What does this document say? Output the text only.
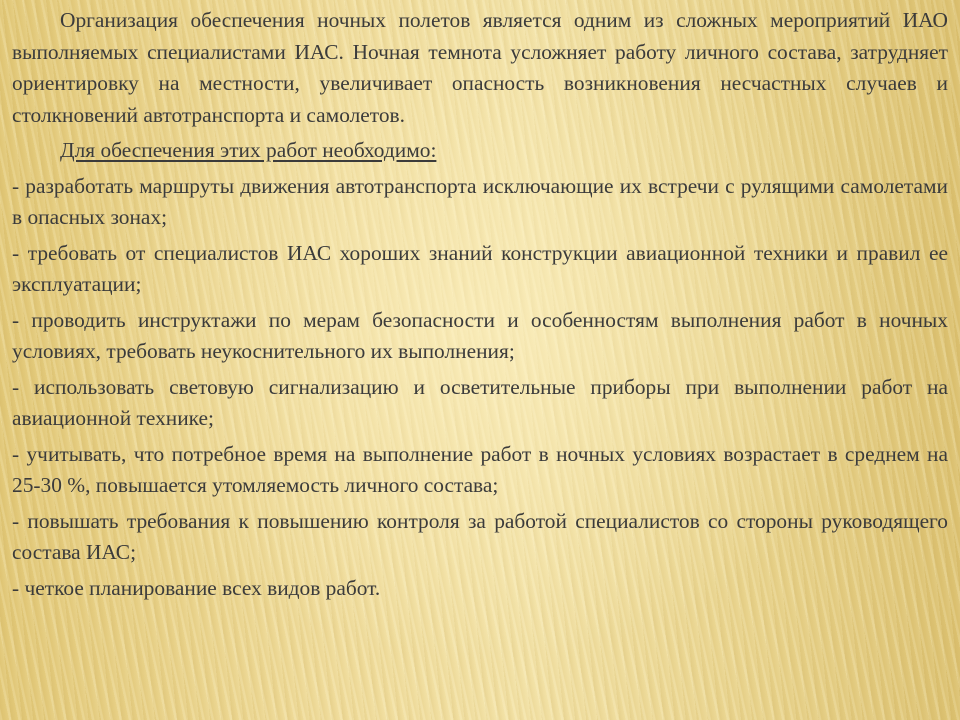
Организация обеспечения ночных полетов является одним из сложных мероприятий ИАО выполняемых специалистами ИАС. Ночная темнота усложняет работу личного состава, затрудняет ориентировку на местности, увеличивает опасность возникновения несчастных случаев и столкновений автотранспорта и самолетов.

Для обеспечения этих работ необходимо:

- разработать маршруты движения автотранспорта исключающие их встречи с рулящими самолетами в опасных зонах;

- требовать от специалистов ИАС хороших знаний конструкции авиационной техники и правил ее эксплуатации;

- проводить инструктажи по мерам безопасности и особенностям выполнения работ в ночных условиях, требовать неукоснительного их выполнения;

- использовать световую сигнализацию и осветительные приборы при выполнении работ на авиационной технике;

- учитывать, что потребное время на выполнение работ в ночных условиях возрастает в среднем на 25-30 %, повышается утомляемость личного состава;

- повышать требования к повышению контроля за работой специалистов со стороны руководящего состава ИАС;

- четкое планирование всех видов работ.
